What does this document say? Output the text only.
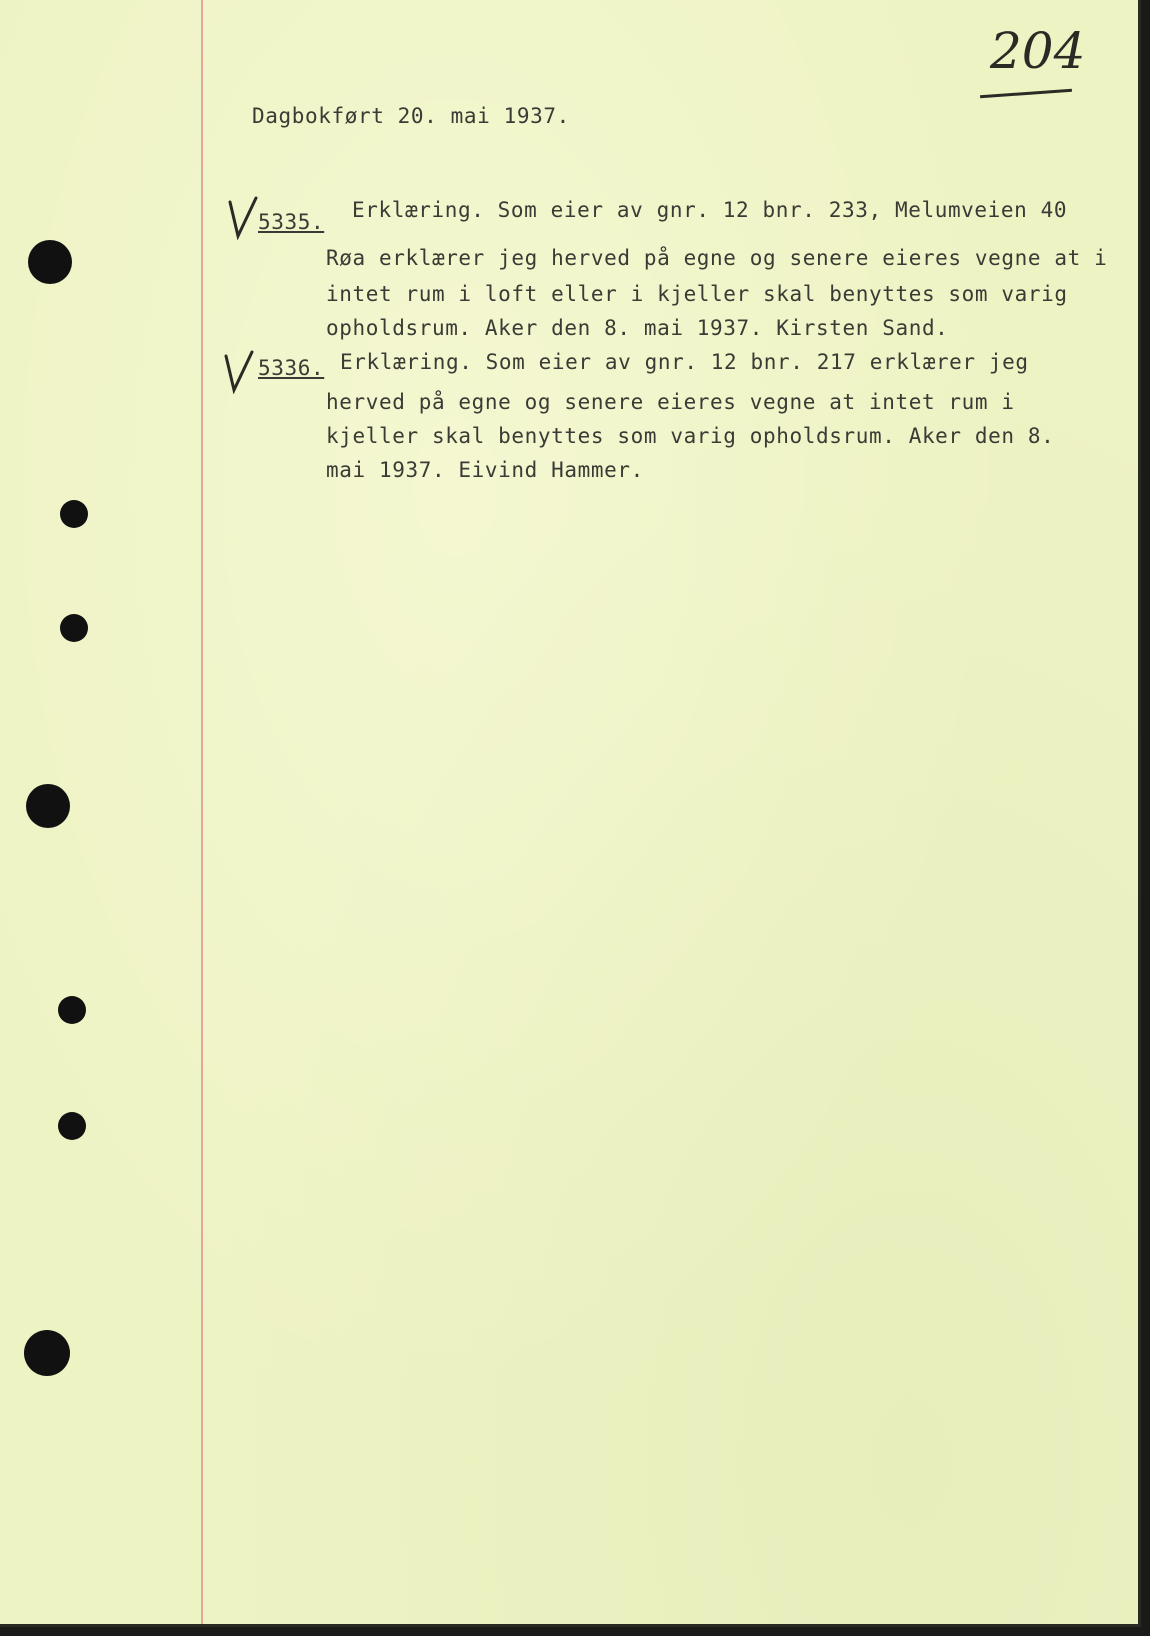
204
Dagbokført 20. mai 1937.
5335. Erklæring. Som eier av gnr. 12 bnr. 233, Melumveien 40
Røa erklærer jeg herved på egne og senere eieres vegne at i
intet rum i loft eller i kjeller skal benyttes som varig
opholdsrum. Aker den 8. mai 1937. Kirsten Sand.
5336. Erklæring. Som eier av gnr. 12 bnr. 217 erklærer jeg
herved på egne og senere eieres vegne at intet rum i
kjeller skal benyttes som varig opholdsrum. Aker den 8.
mai 1937. Eivind Hammer.
